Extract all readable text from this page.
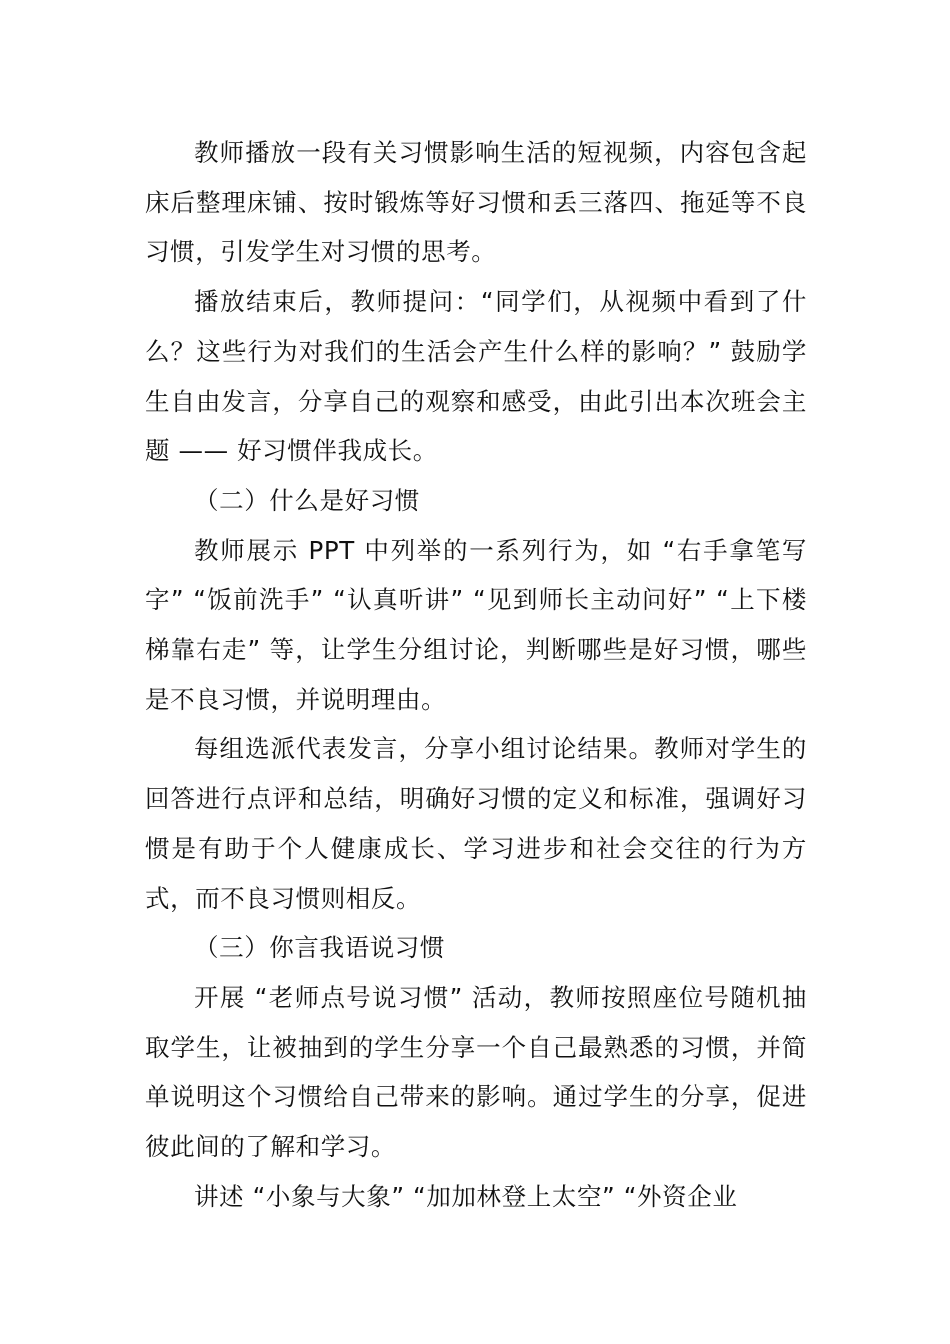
教师播放一段有关习惯影响生活的短视频，内容包含起床后整理床铺、按时锻炼等好习惯和丢三落四、拖延等不良习惯，引发学生对习惯的思考。

播放结束后，教师提问：“同学们，从视频中看到了什么？这些行为对我们的生活会产生什么样的影响？” 鼓励学生自由发言，分享自己的观察和感受，由此引出本次班会主题 —— 好习惯伴我成长。

（二）什么是好习惯

教师展示 PPT 中列举的一系列行为，如 “右手拿笔写字” “饭前洗手” “认真听讲” “见到师长主动问好” “上下楼梯靠右走” 等，让学生分组讨论，判断哪些是好习惯，哪些是不良习惯，并说明理由。

每组选派代表发言，分享小组讨论结果。教师对学生的回答进行点评和总结，明确好习惯的定义和标准，强调好习惯是有助于个人健康成长、学习进步和社会交往的行为方式，而不良习惯则相反。

（三）你言我语说习惯

开展 “老师点号说习惯” 活动，教师按照座位号随机抽取学生，让被抽到的学生分享一个自己最熟悉的习惯，并简单说明这个习惯给自己带来的影响。通过学生的分享，促进彼此间的了解和学习。

讲述 “小象与大象” “加加林登上太空” “外资企业
